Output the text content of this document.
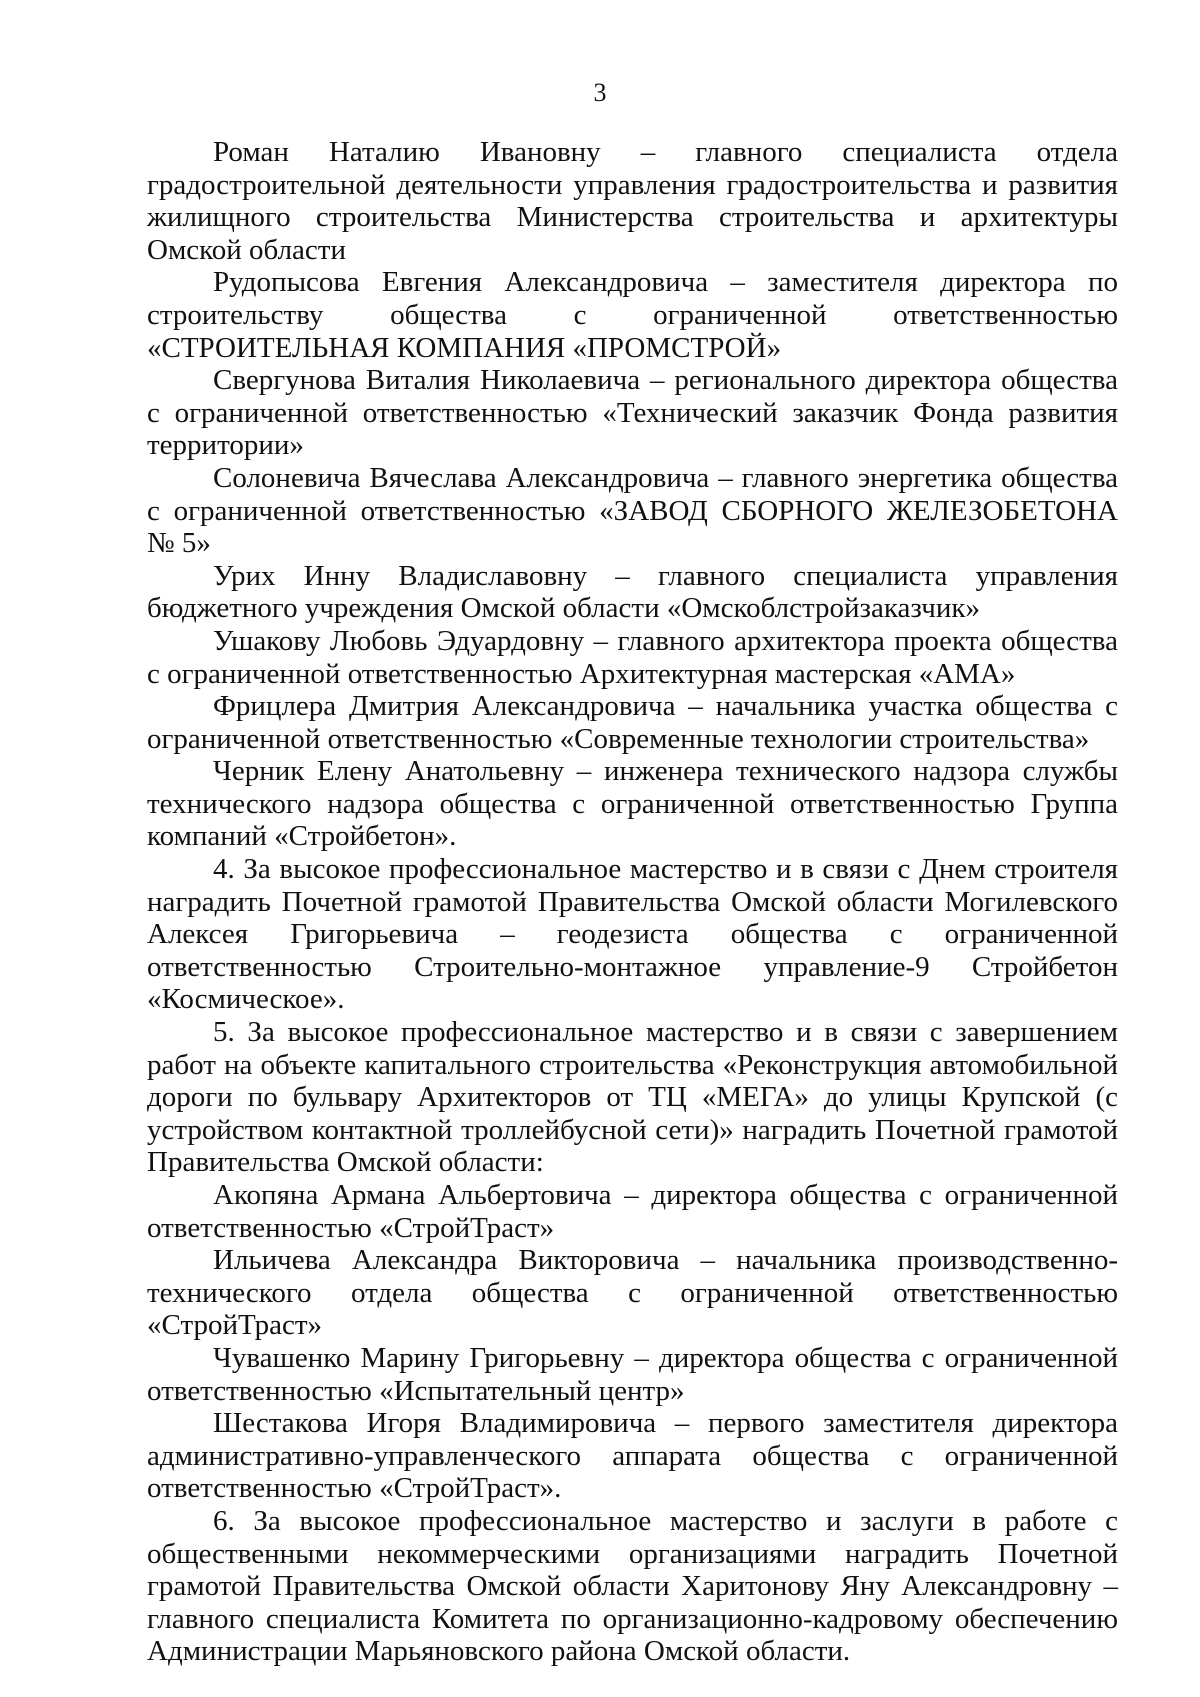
3

Роман Наталию Ивановну – главного специалиста отдела градостроительной деятельности управления градостроительства и развития жилищного строительства Министерства строительства и архитектуры Омской области

Рудопысова Евгения Александровича – заместителя директора по строительству общества с ограниченной ответственностью «СТРОИТЕЛЬНАЯ КОМПАНИЯ «ПРОМСТРОЙ»

Свергунова Виталия Николаевича – регионального директора общества с ограниченной ответственностью «Технический заказчик Фонда развития территории»

Солоневича Вячеслава Александровича – главного энергетика общества с ограниченной ответственностью «ЗАВОД СБОРНОГО ЖЕЛЕЗОБЕТОНА № 5»

Урих Инну Владиславовну – главного специалиста управления бюджетного учреждения Омской области «Омскоблстройзаказчик»

Ушакову Любовь Эдуардовну – главного архитектора проекта общества с ограниченной ответственностью Архитектурная мастерская «АМА»

Фрицлера Дмитрия Александровича – начальника участка общества с ограниченной ответственностью «Современные технологии строительства»

Черник Елену Анатольевну – инженера технического надзора службы технического надзора общества с ограниченной ответственностью Группа компаний «Стройбетон».

4. За высокое профессиональное мастерство и в связи с Днем строителя наградить Почетной грамотой Правительства Омской области Могилевского Алексея Григорьевича – геодезиста общества с ограниченной ответственностью Строительно-монтажное управление-9 Стройбетон «Космическое».

5. За высокое профессиональное мастерство и в связи с завершением работ на объекте капитального строительства «Реконструкция автомобильной дороги по бульвару Архитекторов от ТЦ «МЕГА» до улицы Крупской (с устройством контактной троллейбусной сети)» наградить Почетной грамотой Правительства Омской области:

Акопяна Армана Альбертовича – директора общества с ограниченной ответственностью «СтройТраст»

Ильичева Александра Викторовича – начальника производственно-технического отдела общества с ограниченной ответственностью «СтройТраст»

Чувашенко Марину Григорьевну – директора общества с ограниченной ответственностью «Испытательный центр»

Шестакова Игоря Владимировича – первого заместителя директора административно-управленческого аппарата общества с ограниченной ответственностью «СтройТраст».

6. За высокое профессиональное мастерство и заслуги в работе с общественными некоммерческими организациями наградить Почетной грамотой Правительства Омской области Харитонову Яну Александровну – главного специалиста Комитета по организационно-кадровому обеспечению Администрации Марьяновского района Омской области.
